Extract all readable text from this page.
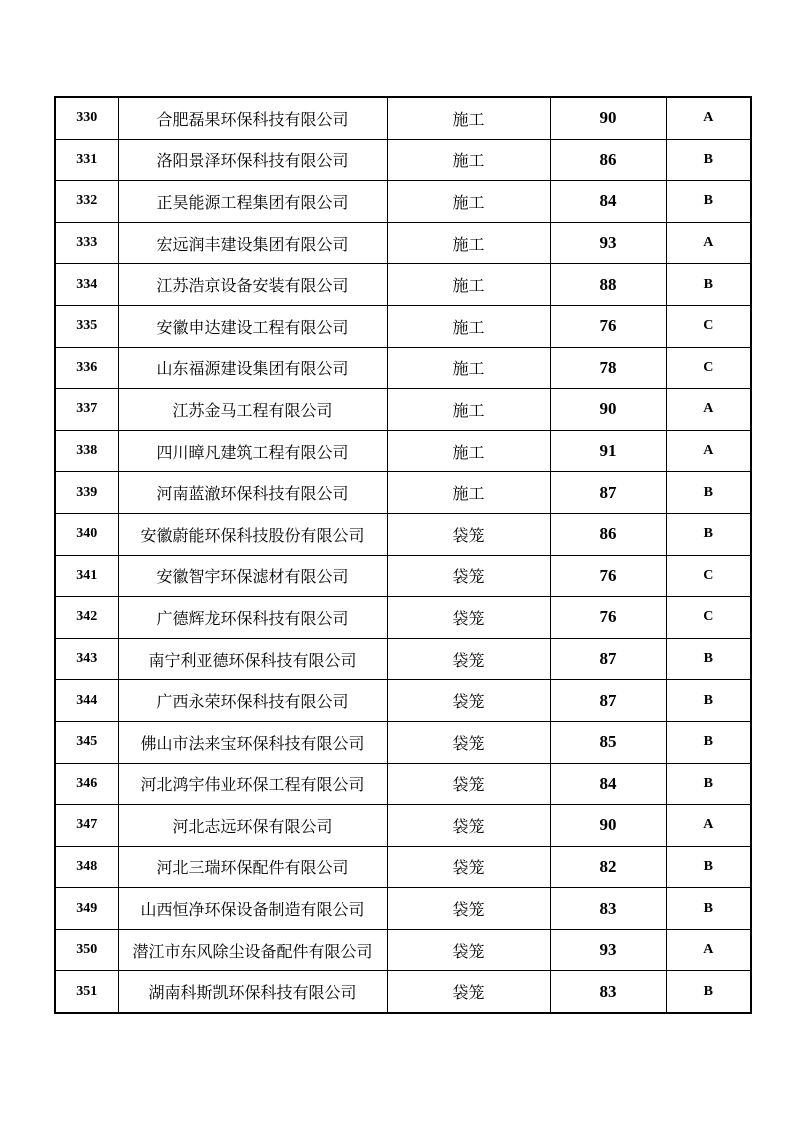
330	合肥磊果环保科技有限公司	施工	90	A
331	洛阳景泽环保科技有限公司	施工	86	B
332	正昊能源工程集团有限公司	施工	84	B
333	宏远润丰建设集团有限公司	施工	93	A
334	江苏浩京设备安装有限公司	施工	88	B
335	安徽申达建设工程有限公司	施工	76	C
336	山东福源建设集团有限公司	施工	78	C
337	江苏金马工程有限公司	施工	90	A
338	四川暲凡建筑工程有限公司	施工	91	A
339	河南蓝澈环保科技有限公司	施工	87	B
340	安徽蔚能环保科技股份有限公司	袋笼	86	B
341	安徽智宇环保滤材有限公司	袋笼	76	C
342	广德辉龙环保科技有限公司	袋笼	76	C
343	南宁利亚德环保科技有限公司	袋笼	87	B
344	广西永荣环保科技有限公司	袋笼	87	B
345	佛山市法来宝环保科技有限公司	袋笼	85	B
346	河北鸿宇伟业环保工程有限公司	袋笼	84	B
347	河北志远环保有限公司	袋笼	90	A
348	河北三瑞环保配件有限公司	袋笼	82	B
349	山西恒净环保设备制造有限公司	袋笼	83	B
350	潜江市东风除尘设备配件有限公司	袋笼	93	A
351	湖南科斯凯环保科技有限公司	袋笼	83	B
